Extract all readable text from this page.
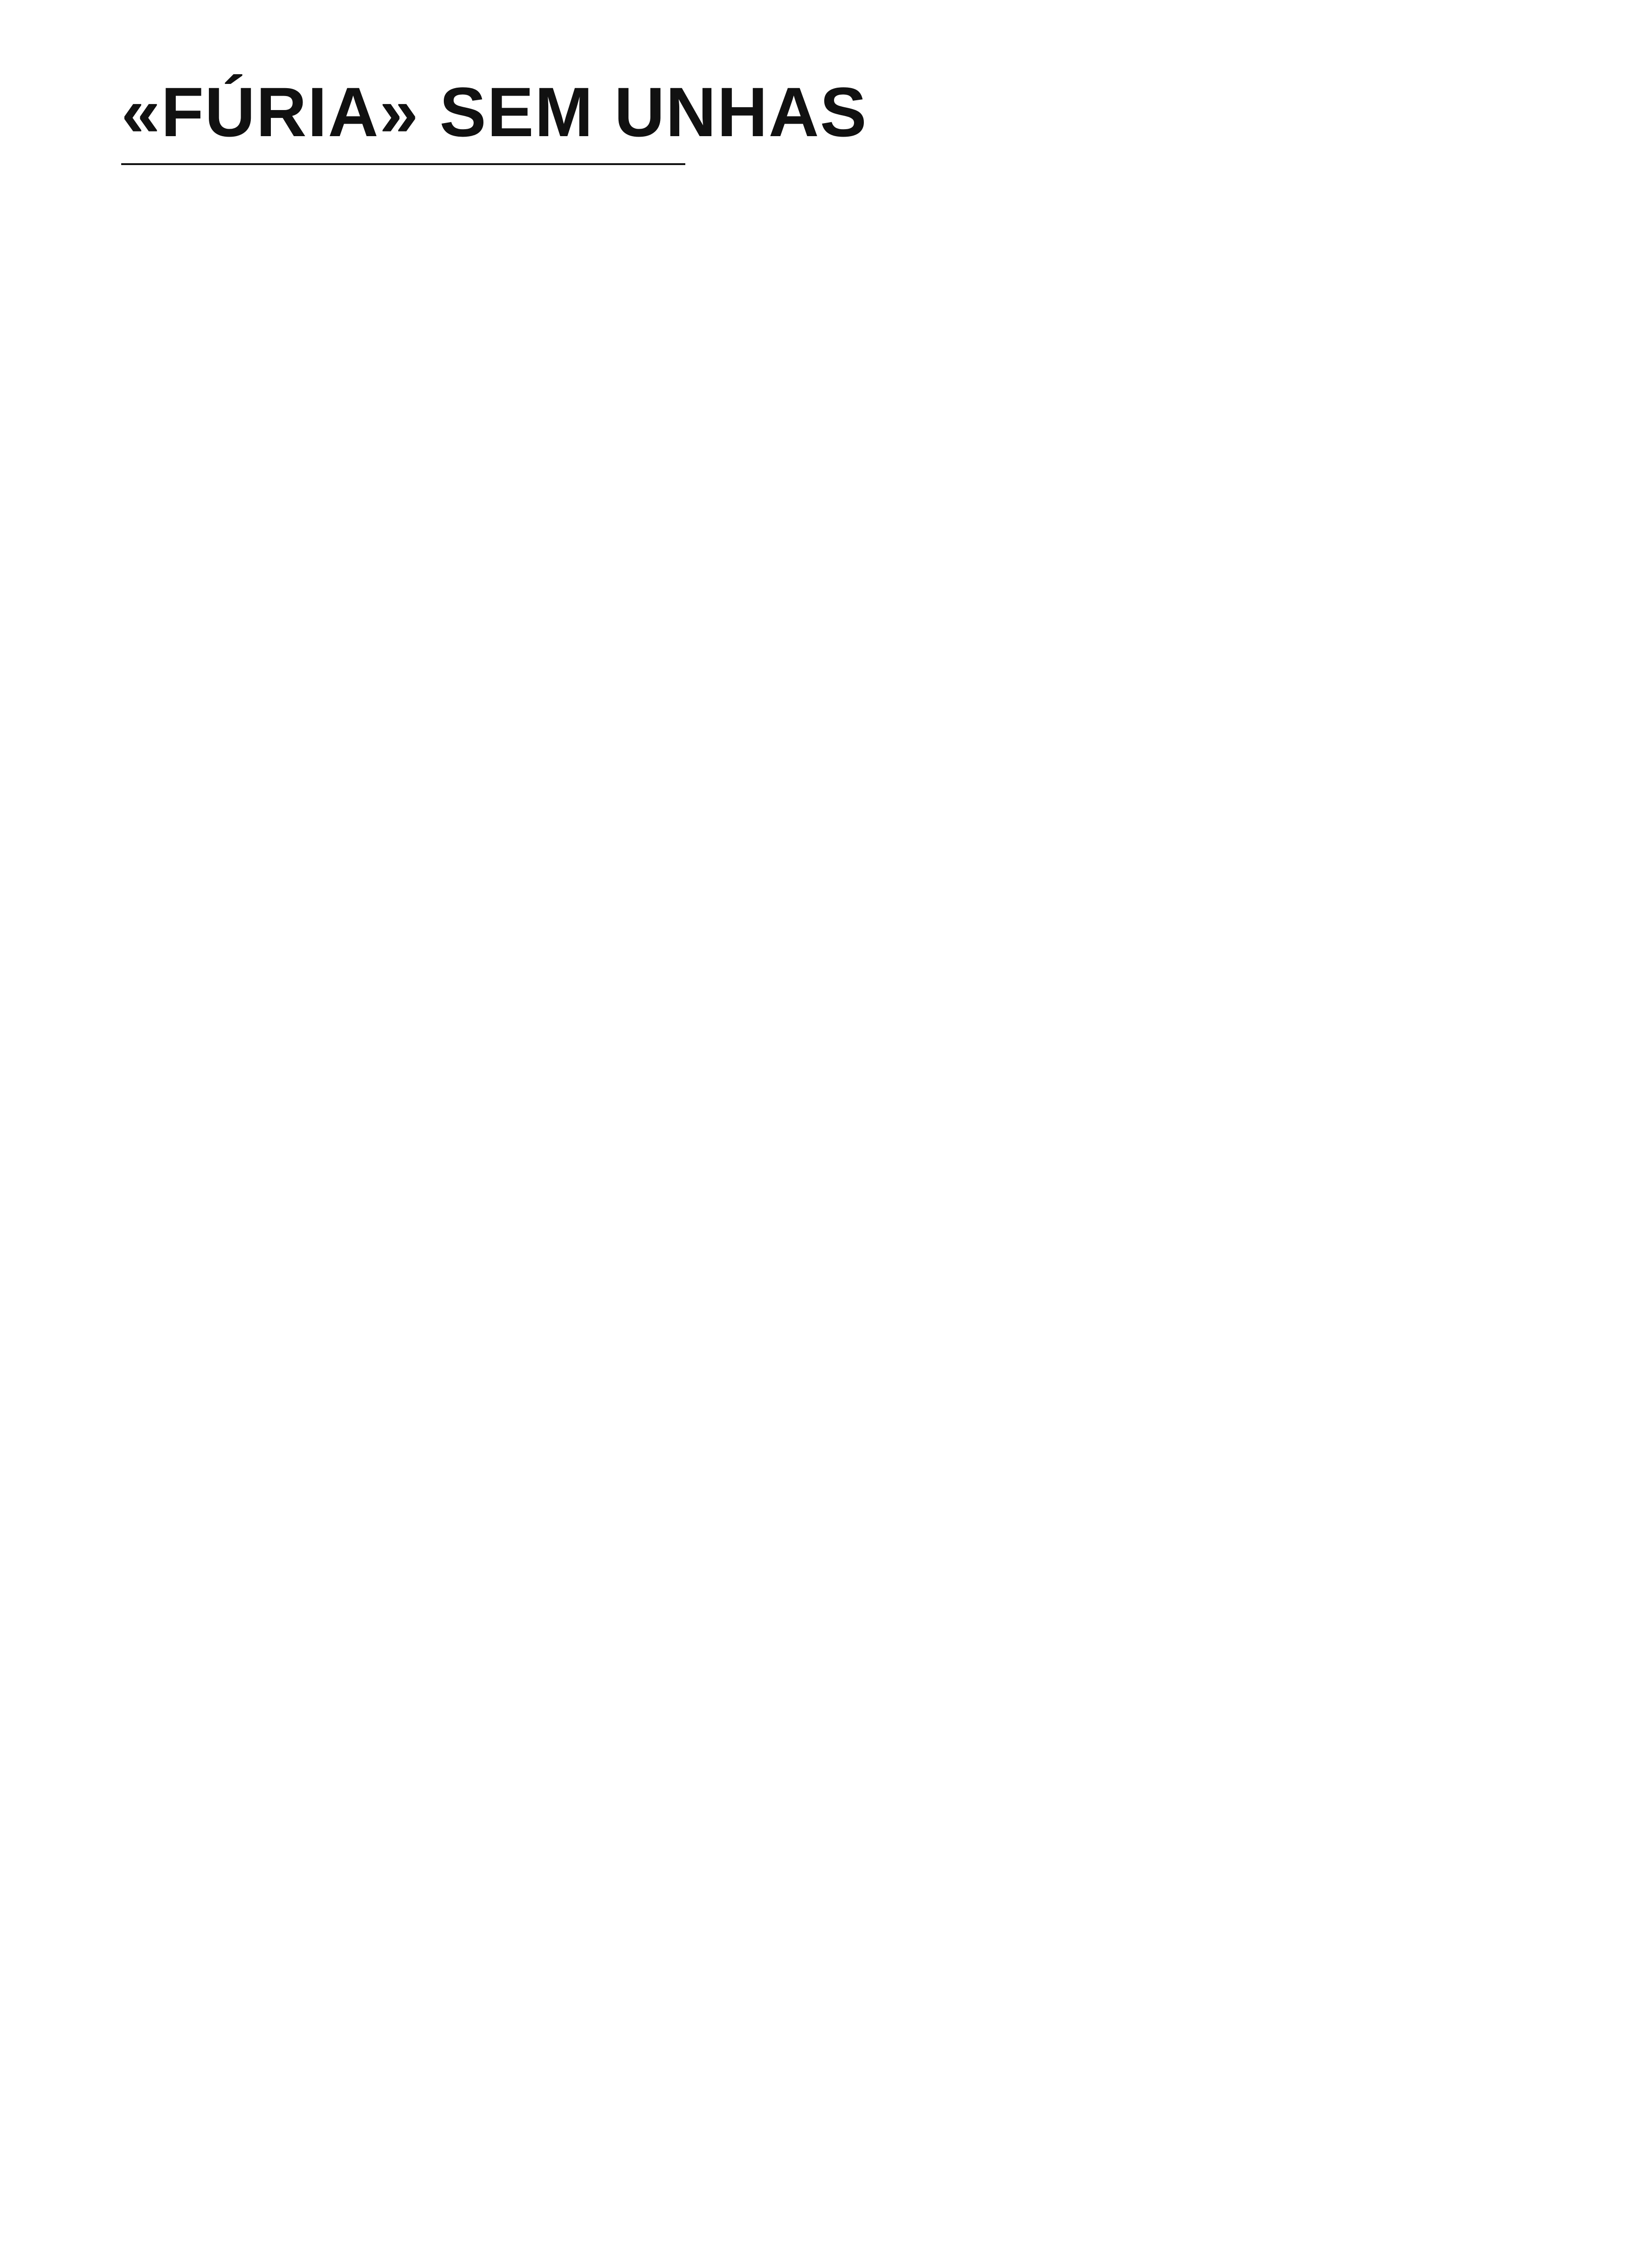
«FÚRIA» SEM UNHAS
